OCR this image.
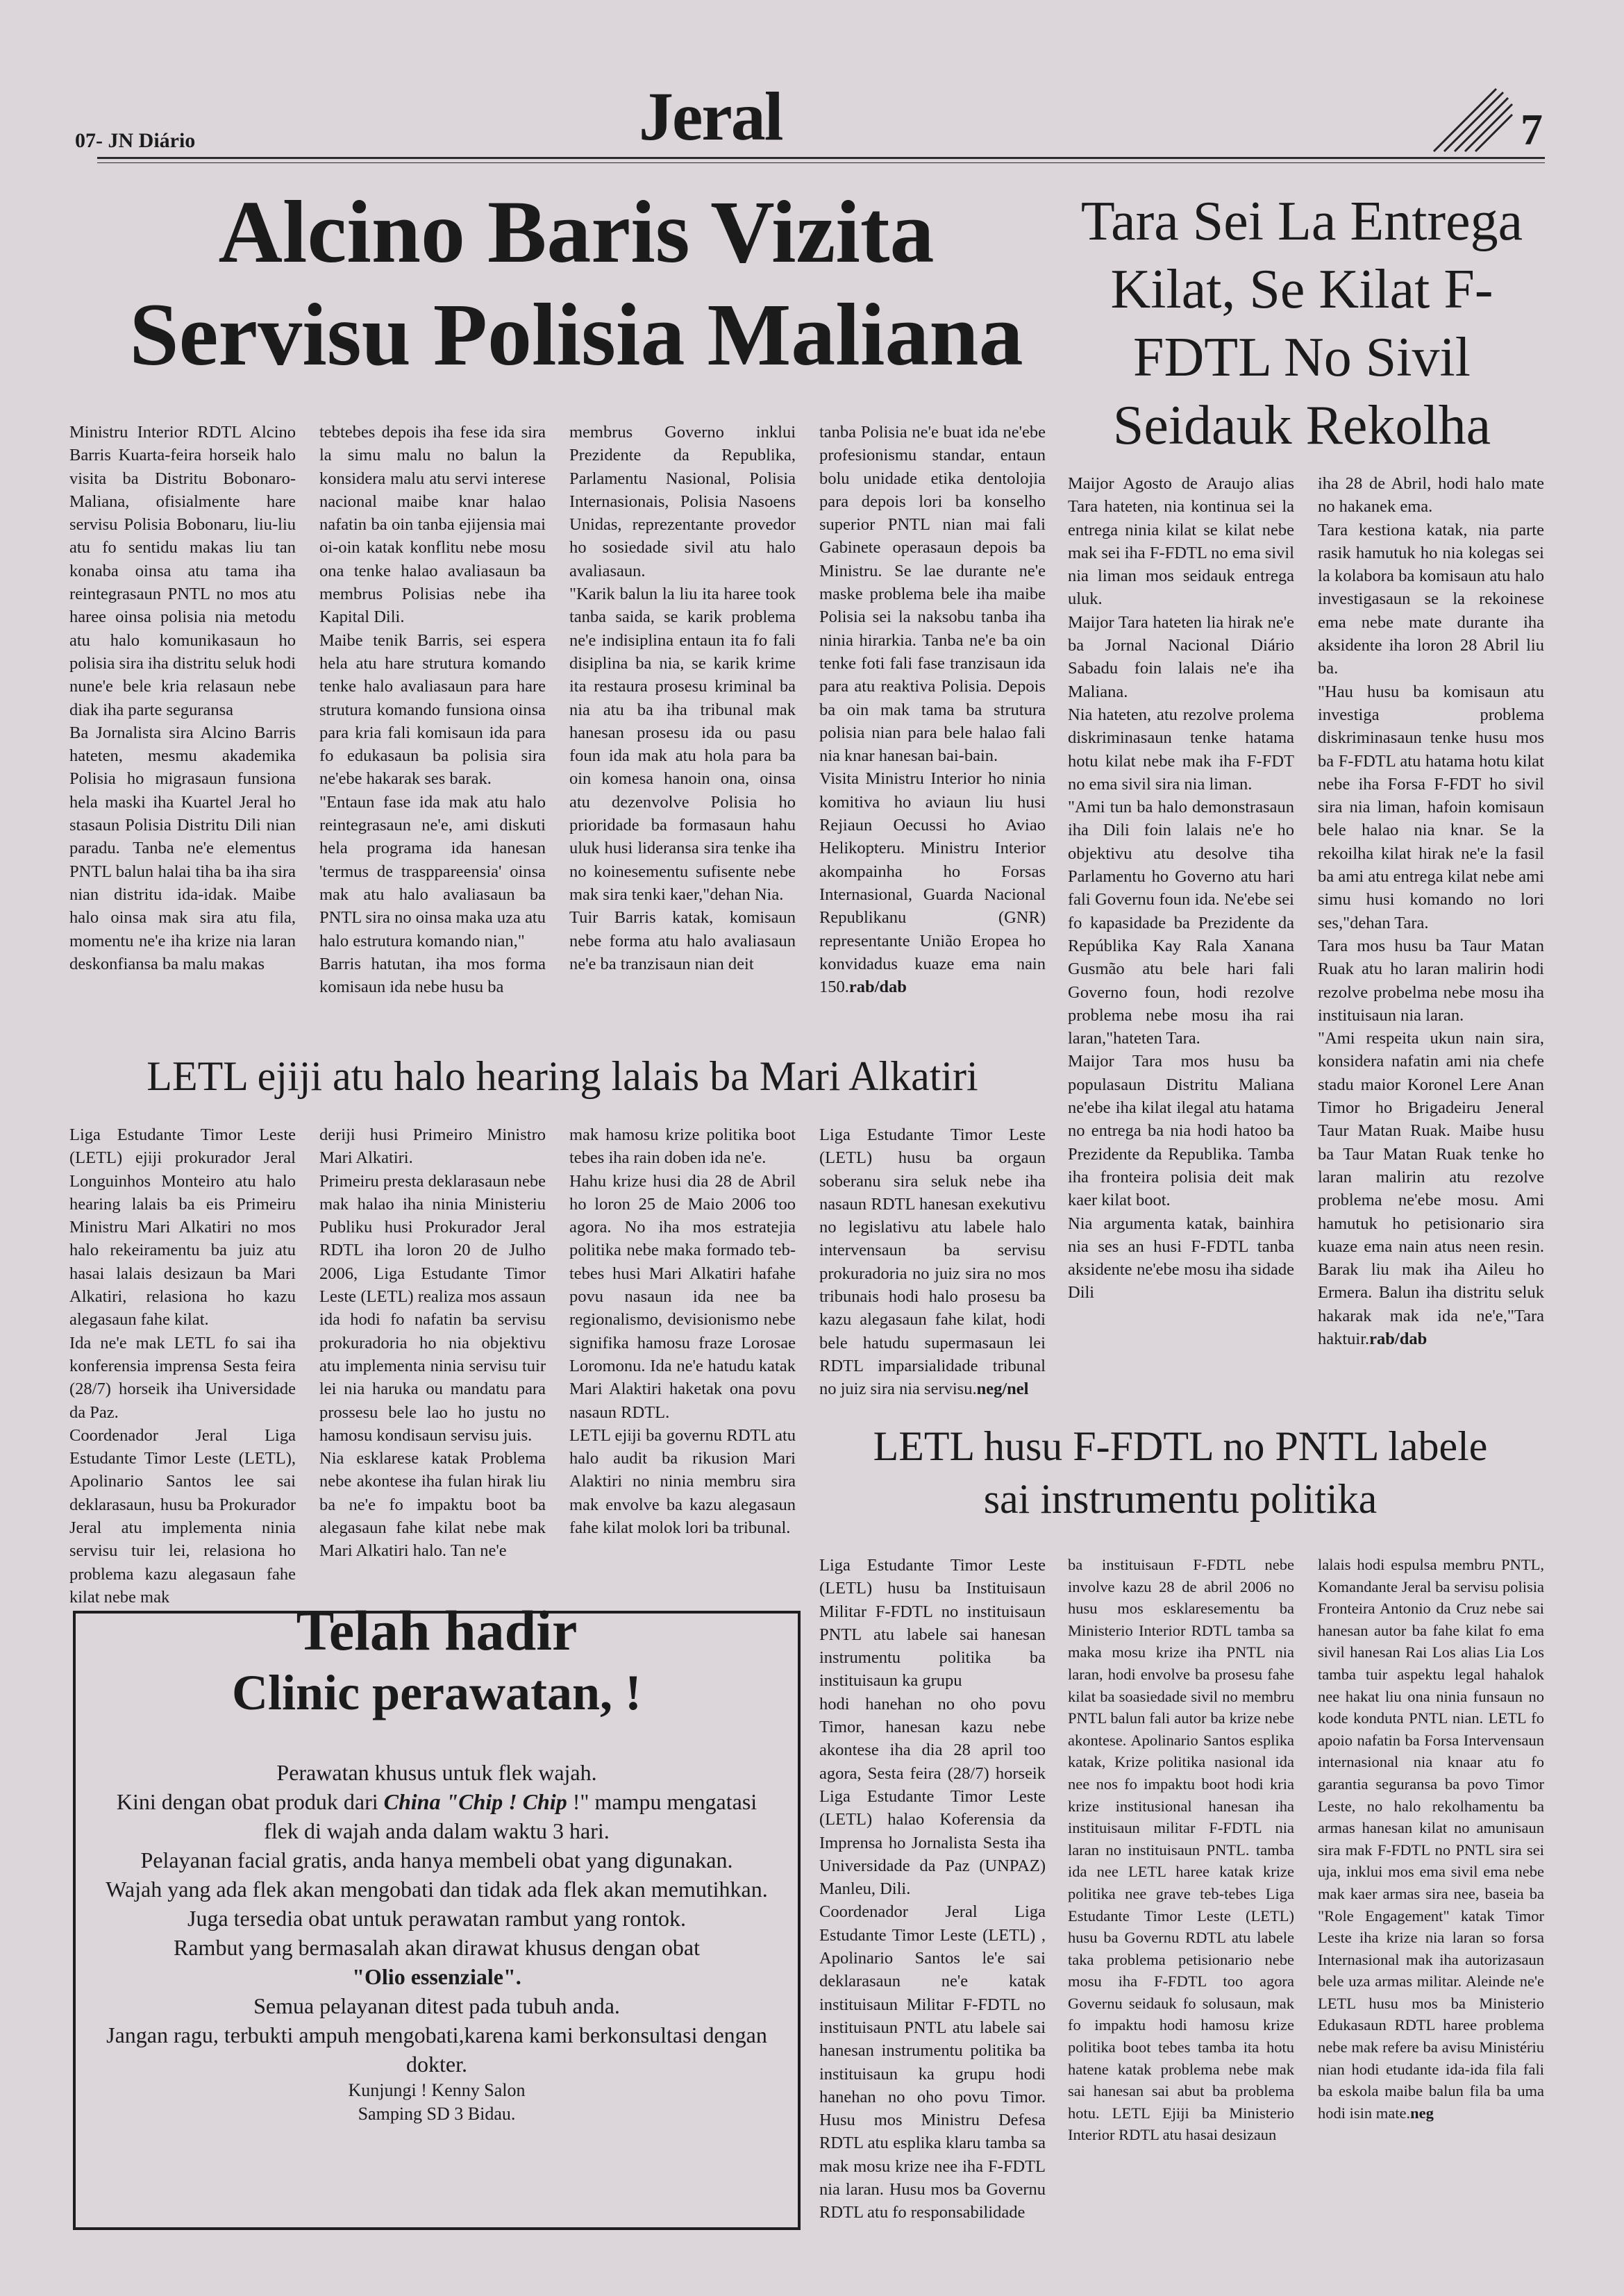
07- JN Diário	Jeral	7
Alcino Baris Vizita
Servisu Polisia Maliana
Tara Sei La Entrega Kilat, Se Kilat F-FDTL No Sivil Seidauk Rekolha

Ministru Interior RDTL Alcino Barris Kuarta-feira horseik halo visita ba Distritu Bobonaro-Maliana, ofisialmente hare servisu Polisia Bobonaru, liu-liu atu fo sentidu makas liu tan konaba oinsa atu tama iha reintegrasaun PNTL no mos atu haree oinsa polisia nia metodu atu halo komunikasaun ho polisia sira iha distritu seluk hodi nune'e bele kria relasaun nebe diak iha parte seguransa

Ba Jornalista sira Alcino Barris hateten, mesmu akademika Polisia ho migrasaun funsiona hela maski iha Kuartel Jeral ho stasaun Polisia Distritu Dili nian paradu. Tanba ne'e elementus PNTL balun halai tiha ba iha sira nian distritu ida-idak. Maibe halo oinsa mak sira atu fila, momentu ne'e iha krize nia laran deskonfiansa ba malu makas

tebtebes depois iha fese ida sira la simu malu no balun la konsidera malu atu servi interese nacional maibe knar halao nafatin ba oin tanba ejijensia mai oi-oin katak konflitu nebe mosu ona tenke halao avaliasaun ba membrus Polisias nebe iha Kapital Dili.

Maibe tenik Barris, sei espera hela atu hare strutura komando tenke halo avaliasaun para hare strutura komando funsiona oinsa para kria fali komisaun ida para fo edukasaun ba polisia sira ne'ebe hakarak ses barak.

"Entaun fase ida mak atu halo reintegrasaun ne'e, ami diskuti hela programa ida hanesan 'termus de trasppareensia' oinsa mak atu halo avaliasaun ba PNTL sira no oinsa maka uza atu halo estrutura komando nian,"

Barris hatutan, iha mos forma komisaun ida nebe husu ba

membrus Governo inklui Prezidente da Republika, Parlamentu Nasional, Polisia Internasionais, Polisia Nasoens Unidas, reprezentante provedor ho sosiedade sivil atu halo avaliasaun.

"Karik balun la liu ita haree took tanba saida, se karik problema ne'e indisiplina entaun ita fo fali disiplina ba nia, se karik krime ita restaura prosesu kriminal ba nia atu ba iha tribunal mak hanesan prosesu ida ou pasu foun ida mak atu hola para ba oin komesa hanoin ona, oinsa atu dezenvolve Polisia ho prioridade ba formasaun hahu uluk husi lideransa sira tenke iha no koinesementu sufisente nebe mak sira tenki kaer,"dehan Nia.

Tuir Barris katak, komisaun nebe forma atu halo avaliasaun ne'e ba tranzisaun nian deit

tanba Polisia ne'e buat ida ne'ebe profesionismu standar, entaun bolu unidade etika dentolojia para depois lori ba konselho superior PNTL nian mai fali Gabinete operasaun depois ba Ministru. Se lae durante ne'e maske problema bele iha maibe Polisia sei la naksobu tanba iha ninia hirarkia. Tanba ne'e ba oin tenke foti fali fase tranzisaun ida para atu reaktiva Polisia. Depois ba oin mak tama ba strutura polisia nian para bele halao fali nia knar hanesan bai-bain.

Visita Ministru Interior ho ninia komitiva ho aviaun liu husi Rejiaun Oecussi ho Aviao Helikopteru. Ministru Interior akompainha ho Forsas Internasional, Guarda Nacional Republikanu (GNR) representante União Eropea ho konvidadus kuaze ema nain 150.rab/dab

Maijor Agosto de Araujo alias Tara hateten, nia kontinua sei la entrega ninia kilat se kilat nebe mak sei iha F-FDTL no ema sivil nia liman mos seidauk entrega uluk.

Maijor Tara hateten lia hirak ne'e ba Jornal Nacional Diário Sabadu foin lalais ne'e iha Maliana.

Nia hateten, atu rezolve prolema diskriminasaun tenke hatama hotu kilat nebe mak iha F-FDT no ema sivil sira nia liman.

"Ami tun ba halo demonstrasaun iha Dili foin lalais ne'e ho objektivu atu desolve tiha Parlamentu ho Governo atu hari fali Governu foun ida. Ne'ebe sei fo kapasidade ba Prezidente da Repúblika Kay Rala Xanana Gusmão atu bele hari fali Governo foun, hodi rezolve problema nebe mosu iha rai laran,"hateten Tara.

Maijor Tara mos husu ba populasaun Distritu Maliana ne'ebe iha kilat ilegal atu hatama no entrega ba nia hodi hatoo ba Prezidente da Republika. Tamba iha fronteira polisia deit mak kaer kilat boot.

Nia argumenta katak, bainhira nia ses an husi F-FDTL tanba aksidente ne'ebe mosu iha sidade Dili

iha 28 de Abril, hodi halo mate no hakanek ema.

Tara kestiona katak, nia parte rasik hamutuk ho nia kolegas sei la kolabora ba komisaun atu halo investigasaun se la rekoinese ema nebe mate durante iha aksidente iha loron 28 Abril liu ba.

"Hau husu ba komisaun atu investiga problema diskriminasaun tenke husu mos ba F-FDTL atu hatama hotu kilat nebe iha Forsa F-FDT ho sivil sira nia liman, hafoin komisaun bele halao nia knar. Se la rekoilha kilat hirak ne'e la fasil ba ami atu entrega kilat nebe ami simu husi komando no lori ses,"dehan Tara.

Tara mos husu ba Taur Matan Ruak atu ho laran malirin hodi rezolve probelma nebe mosu iha instituisaun nia laran.

"Ami respeita ukun nain sira, konsidera nafatin ami nia chefe stadu maior Koronel Lere Anan Timor ho Brigadeiru Jeneral Taur Matan Ruak. Maibe husu ba Taur Matan Ruak tenke ho laran malirin atu rezolve problema ne'ebe mosu. Ami hamutuk ho petisionario sira kuaze ema nain atus neen resin. Barak liu mak iha Aileu ho Ermera. Balun iha distritu seluk hakarak mak ida ne'e,"Tara haktuir.rab/dab

LETL ejiji atu halo hearing lalais ba Mari Alkatiri

Liga Estudante Timor Leste (LETL) ejiji prokurador Jeral Longuinhos Monteiro atu halo hearing lalais ba eis Primeiru Ministru Mari Alkatiri no mos halo rekeiramentu ba juiz atu hasai lalais desizaun ba Mari Alkatiri, relasiona ho kazu alegasaun fahe kilat.

Ida ne'e mak LETL fo sai iha konferensia imprensa Sesta feira (28/7) horseik iha Universidade da Paz.

Coordenador Jeral Liga Estudante Timor Leste (LETL), Apolinario Santos lee sai deklarasaun, husu ba Prokurador Jeral atu implementa ninia servisu tuir lei, relasiona ho problema kazu alegasaun fahe kilat nebe mak

deriji husi Primeiro Ministro Mari Alkatiri.

Primeiru presta deklarasaun nebe mak halao iha ninia Ministeriu Publiku husi Prokurador Jeral RDTL iha loron 20 de Julho 2006, Liga Estudante Timor Leste (LETL) realiza mos assaun ida hodi fo nafatin ba servisu prokuradoria ho nia objektivu atu implementa ninia servisu tuir lei nia haruka ou mandatu para prossesu bele lao ho justu no hamosu kondisaun servisu juis.

Nia esklarese katak Problema nebe akontese iha fulan hirak liu ba ne'e fo impaktu boot ba alegasaun fahe kilat nebe mak Mari Alkatiri halo. Tan ne'e

mak hamosu krize politika boot tebes iha rain doben ida ne'e.

Hahu krize husi dia 28 de Abril ho loron 25 de Maio 2006 too agora. No iha mos estratejia politika nebe maka formado teb-tebes husi Mari Alkatiri hafahe povu nasaun ida nee ba regionalismo, devisionismo nebe signifika hamosu fraze Lorosae Loromonu. Ida ne'e hatudu katak Mari Alaktiri haketak ona povu nasaun RDTL.

LETL ejiji ba governu RDTL atu halo audit ba rikusion Mari Alaktiri no ninia membru sira mak envolve ba kazu alegasaun fahe kilat molok lori ba tribunal.

Liga Estudante Timor Leste (LETL) husu ba orgaun soberanu sira seluk nebe iha nasaun RDTL hanesan exekutivu no legislativu atu labele halo intervensaun ba servisu prokuradoria no juiz sira no mos tribunais hodi halo prosesu ba kazu alegasaun fahe kilat, hodi bele hatudu supermasaun lei RDTL imparsialidade tribunal no juiz sira nia servisu.neg/nel

LETL husu F-FDTL no PNTL labele
sai instrumentu politika

Liga Estudante Timor Leste (LETL) husu ba Instituisaun Militar F-FDTL no instituisaun PNTL atu labele sai hanesan instrumentu politika ba instituisaun ka grupu

hodi hanehan no oho povu Timor, hanesan kazu nebe akontese iha dia 28 april too agora, Sesta feira (28/7) horseik Liga Estudante Timor Leste (LETL) halao Koferensia da Imprensa ho Jornalista Sesta iha Universidade da Paz (UNPAZ) Manleu, Dili.

Coordenador Jeral Liga Estudante Timor Leste (LETL) , Apolinario Santos le'e sai deklarasaun ne'e katak instituisaun Militar F-FDTL no instituisaun PNTL atu labele sai hanesan instrumentu politika ba instituisaun ka grupu hodi hanehan no oho povu Timor. Husu mos Ministru Defesa RDTL atu esplika klaru tamba sa mak mosu krize nee iha F-FDTL nia laran. Husu mos ba Governu RDTL atu fo responsabilidade

ba instituisaun F-FDTL nebe involve kazu 28 de abril 2006 no husu mos esklaresementu ba Ministerio Interior RDTL tamba sa maka mosu krize iha PNTL nia laran, hodi envolve ba prosesu fahe kilat ba soasiedade sivil no membru PNTL balun fali autor ba krize nebe akontese. Apolinario Santos esplika katak, Krize politika nasional ida nee nos fo impaktu boot hodi kria krize institusional hanesan iha instituisaun militar F-FDTL nia laran no instituisaun PNTL. tamba ida nee LETL haree katak krize politika nee grave teb-tebes Liga Estudante Timor Leste (LETL) husu ba Governu RDTL atu labele taka problema petisionario nebe mosu iha F-FDTL too agora Governu seidauk fo solusaun, mak fo impaktu hodi hamosu krize politika boot tebes tamba ita hotu hatene katak problema nebe mak sai hanesan sai abut ba problema hotu. LETL Ejiji ba Ministerio Interior RDTL atu hasai desizaun

lalais hodi espulsa membru PNTL, Komandante Jeral ba servisu polisia Fronteira Antonio da Cruz nebe sai hanesan autor ba fahe kilat fo ema sivil hanesan Rai Los alias Lia Los tamba tuir aspektu legal hahalok nee hakat liu ona ninia funsaun no kode konduta PNTL nian. LETL fo apoio nafatin ba Forsa Intervensaun internasional nia knaar atu fo garantia seguransa ba povo Timor Leste, no halo rekolhamentu ba armas hanesan kilat no amunisaun sira mak F-FDTL no PNTL sira sei uja, inklui mos ema sivil ema nebe mak kaer armas sira nee, baseia ba "Role Engagement" katak Timor Leste iha krize nia laran so forsa Internasional mak iha autorizasaun bele uza armas militar. Aleinde ne'e LETL husu mos ba Ministerio Edukasaun RDTL haree problema nebe mak refere ba avisu Ministériu nian hodi etudante ida-ida fila fali ba eskola maibe balun fila ba uma hodi isin mate.neg

Telah hadir
Clinic perawatan, !

Perawatan khusus untuk flek wajah.

Kini dengan obat produk dari China "Chip ! Chip !" mampu mengatasi flek di wajah anda dalam waktu 3 hari.

Pelayanan facial gratis, anda hanya membeli obat yang digunakan.

Wajah yang ada flek akan mengobati dan tidak ada flek akan memutihkan.

Juga tersedia obat untuk perawatan rambut yang rontok.

Rambut yang bermasalah akan dirawat khusus dengan obat

"Olio essenziale".

Semua pelayanan ditest pada tubuh anda.

Jangan ragu, terbukti ampuh mengobati,karena kami berkonsultasi dengan dokter.

Kunjungi ! Kenny Salon

Samping SD 3 Bidau.
